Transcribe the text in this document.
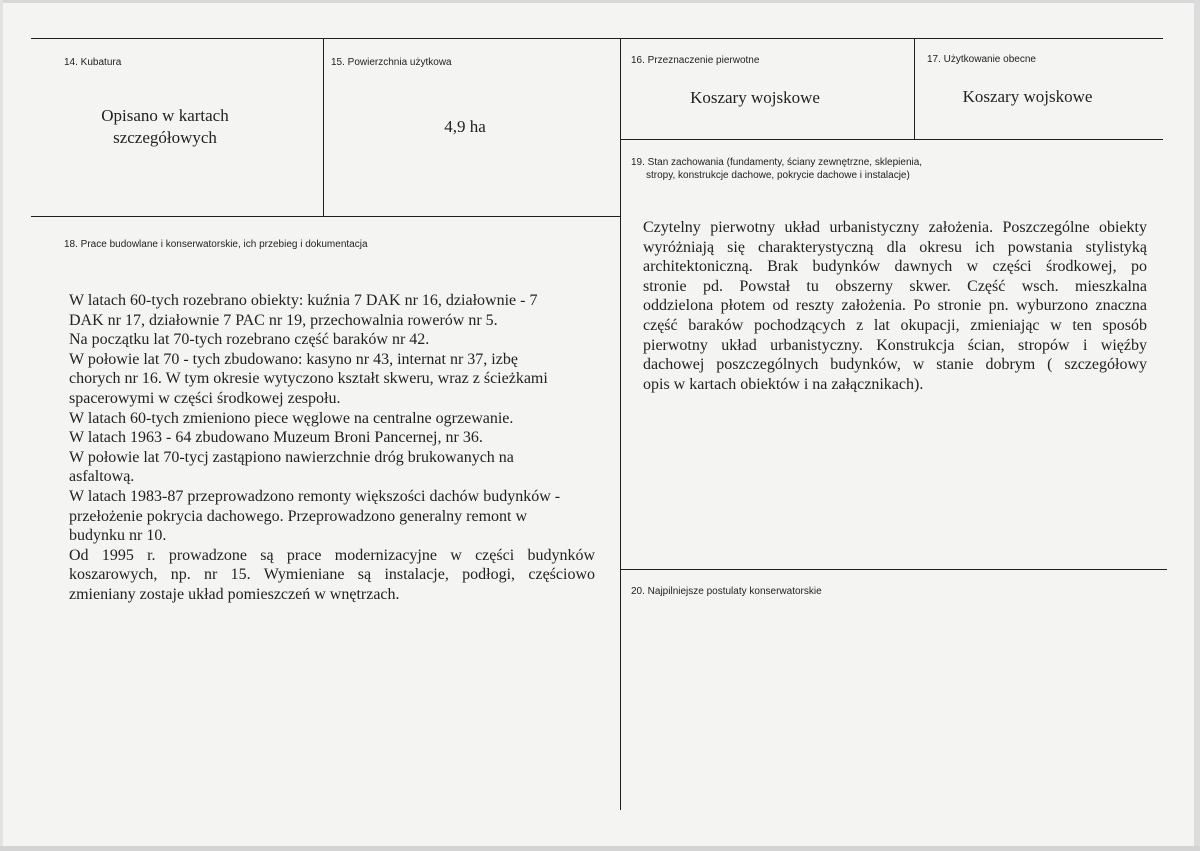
14. Kubatura
Opisano w kartach
szczegółowych
15. Powierzchnia użytkowa
4,9 ha
16. Przeznaczenie pierwotne
Koszary wojskowe
17. Użytkowanie obecne
Koszary wojskowe
19. Stan zachowania (fundamenty, ściany zewnętrzne, sklepienia,
stropy, konstrukcje dachowe, pokrycie dachowe i instalacje)
18. Prace budowlane i konserwatorskie, ich przebieg i dokumentacja
W latach 60-tych rozebrano obiekty: kuźnia 7 DAK nr 16, działownie - 7
DAK nr 17, działownie 7 PAC nr 19, przechowalnia rowerów nr 5.
Na początku lat 70-tych rozebrano część baraków nr 42.
W połowie lat 70 - tych zbudowano: kasyno nr 43, internat nr 37, izbę
chorych nr 16. W tym okresie wytyczono kształt skweru, wraz z ścieżkami
spacerowymi w części środkowej zespołu.
W latach 60-tych zmieniono piece węglowe na centralne ogrzewanie.
W latach 1963 - 64 zbudowano Muzeum Broni Pancernej, nr 36.
W połowie lat 70-tycj zastąpiono nawierzchnie dróg brukowanych na
asfaltową.
W latach 1983-87 przeprowadzono remonty większości dachów budynków -
przełożenie pokrycia dachowego. Przeprowadzono generalny remont w
budynku nr 10.
Od 1995 r. prowadzone są prace modernizacyjne w części budynków
koszarowych, np. nr 15. Wymieniane są instalacje, podłogi, częściowo
zmieniany zostaje układ pomieszczeń w wnętrzach.
Czytelny pierwotny układ urbanistyczny założenia. Poszczególne obiekty
wyróżniają się charakterystyczną dla okresu ich powstania stylistyką
architektoniczną. Brak budynków dawnych w części środkowej, po
stronie pd. Powstał tu obszerny skwer. Część wsch. mieszkalna
oddzielona płotem od reszty założenia. Po stronie pn. wyburzono znaczna
część baraków pochodzących z lat okupacji, zmieniając w ten sposób
pierwotny układ urbanistyczny. Konstrukcja ścian, stropów i więźby
dachowej poszczególnych budynków, w stanie dobrym ( szczegółowy
opis w kartach obiektów i na załącznikach).
20. Najpilniejsze postulaty konserwatorskie
